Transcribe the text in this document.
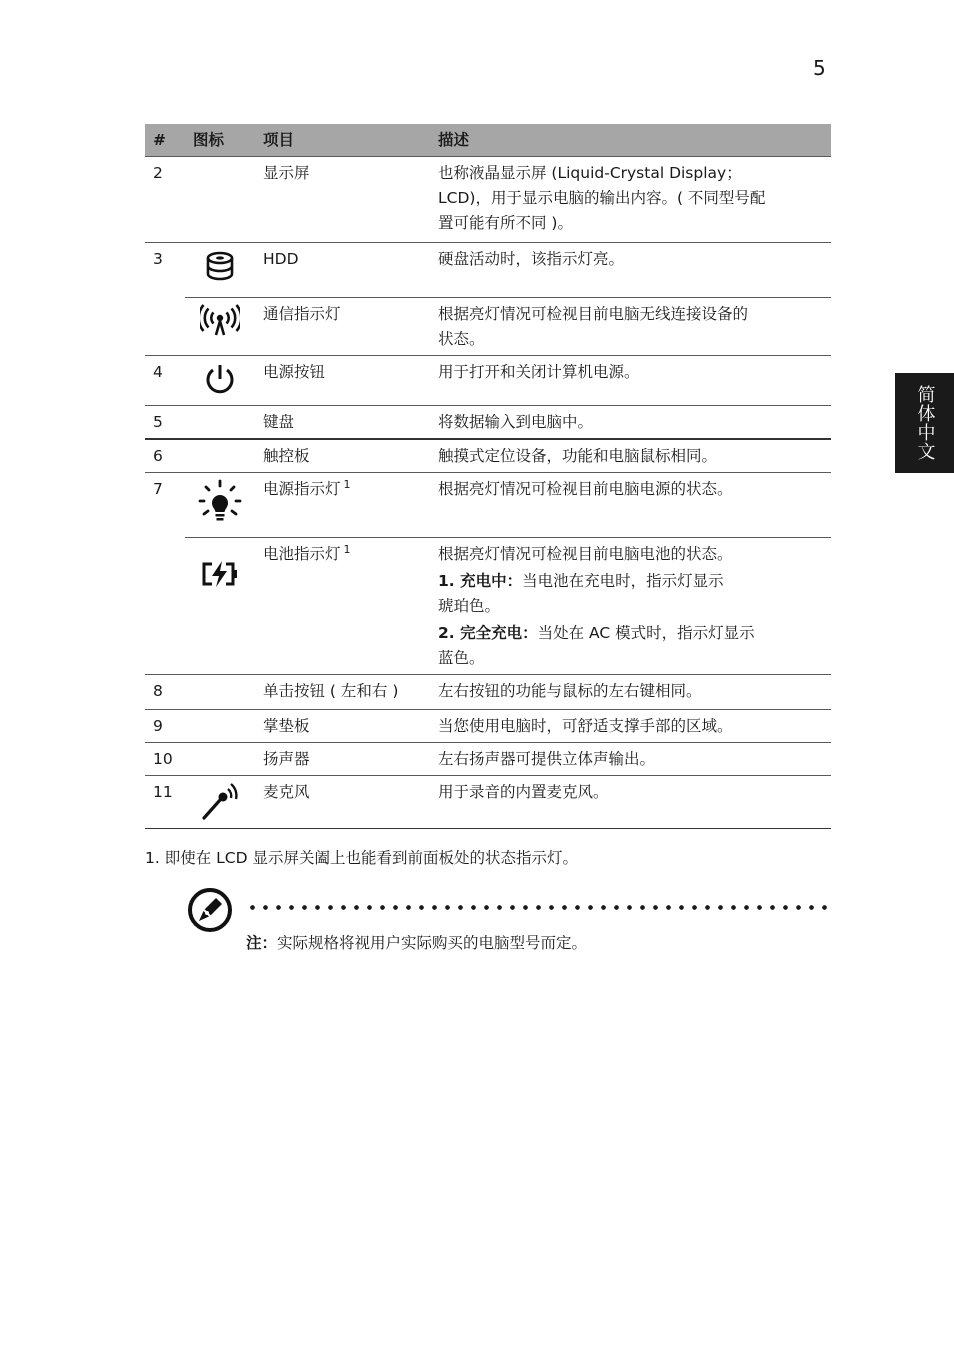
5
简体中文
#	图标	项目	描述
2		显示屏	也称液晶显示屏 (Liquid-Crystal Display；
LCD)，用于显示电脑的输出内容。( 不同型号配
置可能有所不同 )。

3		HDD	硬盘活动时，该指示灯亮。

		通信指示灯	根据亮灯情况可检视目前电脑无线连接设备的
状态。

4		电源按钮	用于打开和关闭计算机电源。

5		键盘	将数据输入到电脑中。

6		触控板	触摸式定位设备，功能和电脑鼠标相同。

7		电源指示灯 $^1$	根据亮灯情况可检视目前电脑电源的状态。

		电池指示灯 $^1$	根据亮灯情况可检视目前电脑电池的状态。
1. 充电中：当电池在充电时，指示灯显示
琥珀色。
2. 完全充电：当处在 AC 模式时，指示灯显示
蓝色。

8		单击按钮 ( 左和右 )	左右按钮的功能与鼠标的左右键相同。

9		掌垫板	当您使用电脑时，可舒适支撑手部的区域。

10		扬声器	左右扬声器可提供立体声输出。

11		麦克风	用于录音的内置麦克风。
1. 即使在 LCD 显示屏关阖上也能看到前面板处的状态指示灯。
注：实际规格将视用户实际购买的电脑型号而定。
